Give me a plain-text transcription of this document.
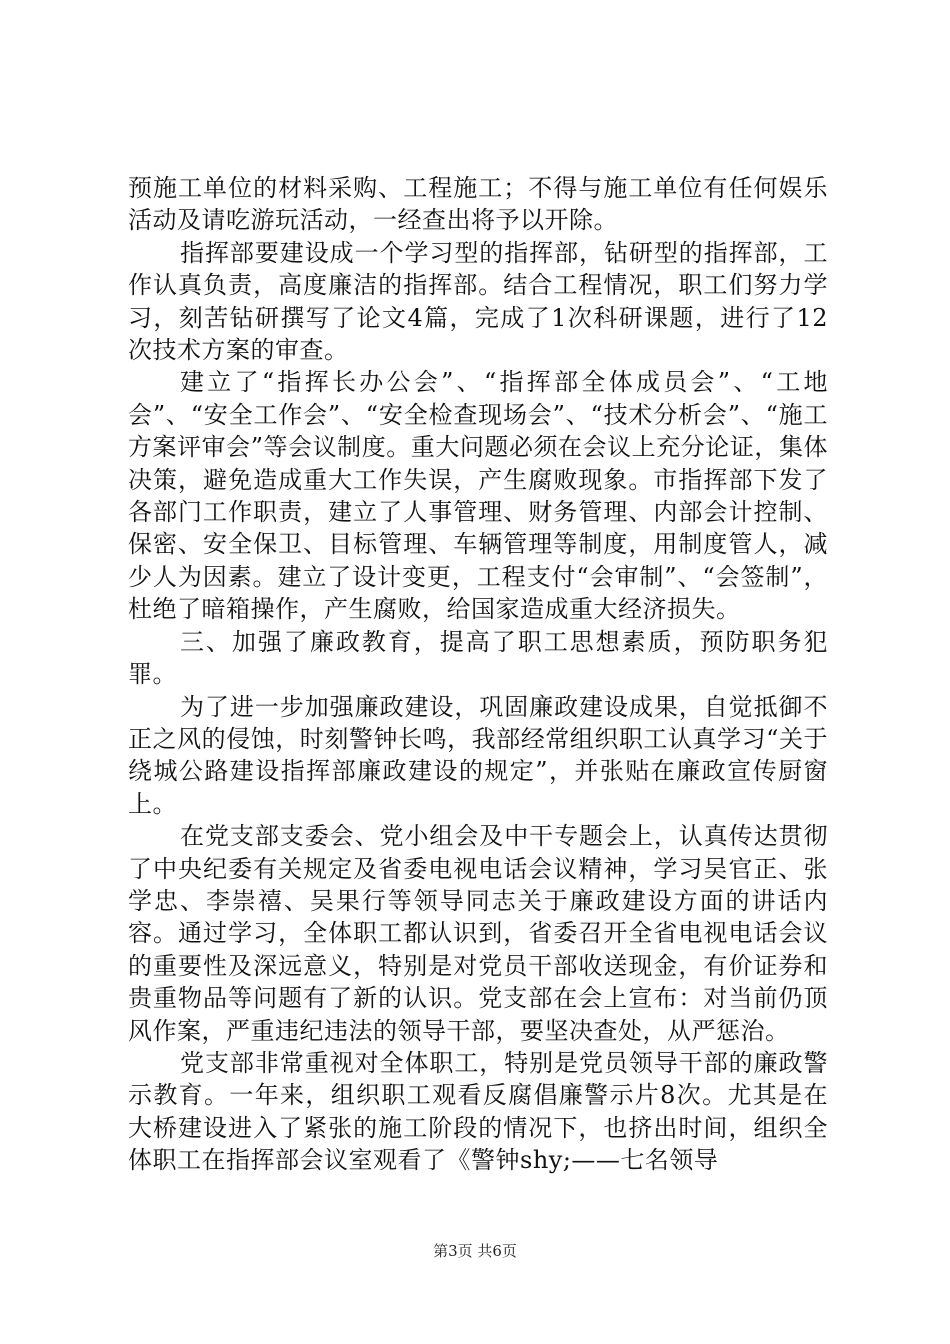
预施工单位的材料采购、工程施工；不得与施工单位有任何娱乐活动及请吃游玩活动，一经查出将予以开除。

指挥部要建设成一个学习型的指挥部，钻研型的指挥部，工作认真负责，高度廉洁的指挥部。结合工程情况，职工们努力学习，刻苦钻研撰写了论文4篇，完成了1次科研课题，进行了12次技术方案的审查。

建立了“指挥长办公会”、“指挥部全体成员会”、“工地会”、“安全工作会”、“安全检查现场会”、“技术分析会”、“施工方案评审会”等会议制度。重大问题必须在会议上充分论证，集体决策，避免造成重大工作失误，产生腐败现象。市指挥部下发了各部门工作职责，建立了人事管理、财务管理、内部会计控制、保密、安全保卫、目标管理、车辆管理等制度，用制度管人，减少人为因素。建立了设计变更，工程支付“会审制”、“会签制”，杜绝了暗箱操作，产生腐败，给国家造成重大经济损失。

三、加强了廉政教育，提高了职工思想素质，预防职务犯罪。

为了进一步加强廉政建设，巩固廉政建设成果，自觉抵御不正之风的侵蚀，时刻警钟长鸣，我部经常组织职工认真学习“关于绕城公路建设指挥部廉政建设的规定”，并张贴在廉政宣传厨窗上。

在党支部支委会、党小组会及中干专题会上，认真传达贯彻了中央纪委有关规定及省委电视电话会议精神，学习吴官正、张学忠、李崇禧、吴果行等领导同志关于廉政建设方面的讲话内容。通过学习，全体职工都认识到，省委召开全省电视电话会议的重要性及深远意义，特别是对党员干部收送现金，有价证券和贵重物品等问题有了新的认识。党支部在会上宣布：对当前仍顶风作案，严重违纪违法的领导干部，要坚决查处，从严惩治。

党支部非常重视对全体职工，特别是党员领导干部的廉政警示教育。一年来，组织职工观看反腐倡廉警示片8次。尤其是在大桥建设进入了紧张的施工阶段的情况下，也挤出时间，组织全体职工在指挥部会议室观看了《警钟shy;——七名领导

第3页 共6页
